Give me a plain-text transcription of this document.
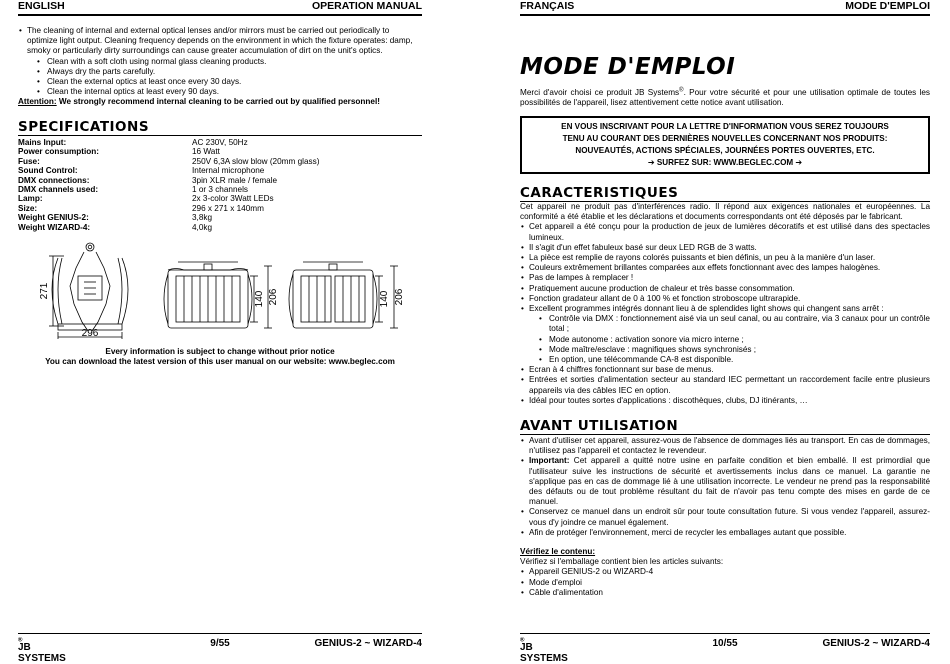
ENGLISH	OPERATION MANUAL
• The cleaning of internal and external optical lenses and/or mirrors must be carried out periodically to optimize light output. Cleaning frequency depends on the environment in which the fixture operates: damp, smoky or particularly dirty surroundings can cause greater accumulation of dirt on the unit's optics.
• Clean with a soft cloth using normal glass cleaning products.
• Always dry the parts carefully.
• Clean the external optics at least once every 30 days.
• Clean the internal optics at least every 90 days.
Attention: We strongly recommend internal cleaning to be carried out by qualified personnel!
SPECIFICATIONS
Mains Input:	AC 230V, 50Hz
Power consumption:	16 Watt
Fuse:	250V 6,3A slow blow (20mm glass)
Sound Control:	Internal microphone
DMX connections:	3pin XLR male / female
DMX channels used:	1 or 3 channels
Lamp:	2x 3-color 3Watt LEDs
Size:	296 x 271 x 140mm
Weight GENIUS-2:	3,8kg
Weight WIZARD-4:	4,0kg
271
296
140 206	140 206
Every information is subject to change without prior notice
You can download the latest version of this user manual on our website: www.beglec.com
JB SYSTEMS
®	9/55	GENIUS-2 ~ WIZARD-4
FRANÇAIS	MODE D'EMPLOI
MODE D'EMPLOI
Merci d'avoir choisi ce produit JB Systems®. Pour votre sécurité et pour une utilisation optimale de toutes les possibilités de l'appareil, lisez attentivement cette notice avant utilisation.
EN VOUS INSCRIVANT POUR LA LETTRE D'INFORMATION VOUS SEREZ TOUJOURS
TENU AU COURANT DES DERNIÈRES NOUVELLES CONCERNANT NOS PRODUITS:
NOUVEAUTÉS, ACTIONS SPÉCIALES, JOURNÉES PORTES OUVERTES, ETC.
➔ SURFEZ SUR: WWW.BEGLEC.COM ➔
CARACTERISTIQUES
Cet appareil ne produit pas d'interférences radio. Il répond aux exigences nationales et européennes. La conformité a été établie et les déclarations et documents correspondants ont été déposés par le fabricant.
• Cet appareil a été conçu pour la production de jeux de lumières décoratifs et est utilisé dans des spectacles lumineux.
• Il s'agit d'un effet fabuleux basé sur deux LED RGB de 3 watts.
• La pièce est remplie de rayons colorés puissants et bien définis, un peu à la manière d'un laser.
• Couleurs extrêmement brillantes comparées aux effets fonctionnant avec des lampes halogènes.
• Pas de lampes à remplacer !
• Pratiquement aucune production de chaleur et très basse consommation.
• Fonction gradateur allant de 0 à 100 % et fonction stroboscope ultrarapide.
• Excellent programmes intégrés donnant lieu à de splendides light shows qui changent sans arrêt :
• Contrôle via DMX : fonctionnement aisé via un seul canal, ou au contraire, via 3 canaux pour un contrôle total ;
• Mode autonome : activation sonore via micro interne ;
• Mode maître/esclave : magnifiques shows synchronisés ;
• En option, une télécommande CA-8 est disponible.
• Ecran à 4 chiffres fonctionnant sur base de menus.
• Entrées et sorties d'alimentation secteur au standard IEC permettant un raccordement facile entre plusieurs appareils via des câbles IEC en option.
• Idéal pour toutes sortes d'applications : discothèques, clubs, DJ itinérants, …
AVANT UTILISATION
• Avant d'utiliser cet appareil, assurez-vous de l'absence de dommages liés au transport. En cas de dommages, n'utilisez pas l'appareil et contactez le revendeur.
• Important: Cet appareil a quitté notre usine en parfaite condition et bien emballé. Il est primordial que l'utilisateur suive les instructions de sécurité et avertissements inclus dans ce manuel. La garantie ne s'applique pas en cas de dommage lié à une utilisation incorrecte. Le vendeur ne prend pas la responsabilité des défauts ou de tout problème résultant du fait de n'avoir pas tenu compte des mises en garde de ce manuel.
• Conservez ce manuel dans un endroit sûr pour toute consultation future. Si vous vendez l'appareil, assurez-vous d'y joindre ce manuel également.
• Afin de protéger l'environnement, merci de recycler les emballages autant que possible.
Vérifiez le contenu:
Vérifiez si l'emballage contient bien les articles suivants:
• Appareil GENIUS-2 ou WIZARD-4
• Mode d'emploi
• Câble d'alimentation
JB SYSTEMS
®	10/55	GENIUS-2 ~ WIZARD-4
